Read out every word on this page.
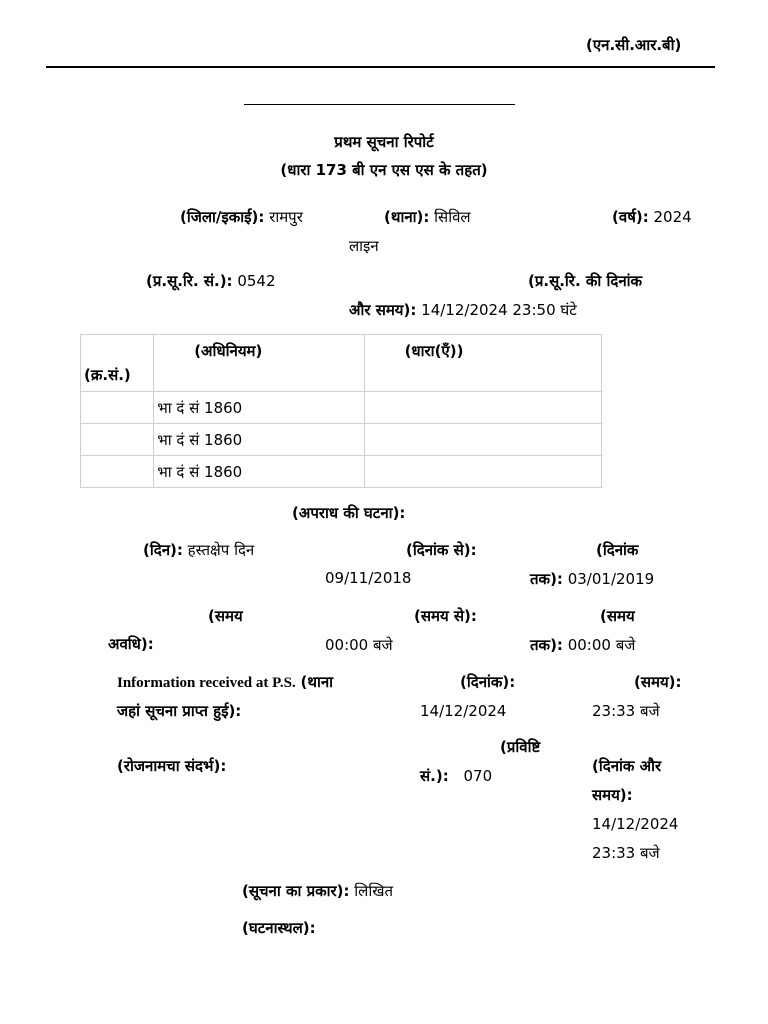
(एन.सी.आर.बी)
प्रथम सूचना रिपोर्ट
(धारा 173 बी एन एस एस के तहत)
(जिला/इकाई): रामपुर	(थाना): सिविल
लाइन
(वर्ष): 2024
(प्र.सू.रि. सं.): 0542	(प्र.सू.रि. की दिनांक
और समय): 14/12/2024 23:50 घंटे
(क्र.सं.)	(अधिनियम)	(धारा(एँ))
	भा दं सं 1860	
	भा दं सं 1860	
	भा दं सं 1860	
(अपराध की घटना):
(दिन): हस्तक्षेप दिन	(दिनांक से):
09/11/2018
(दिनांक
तक): 03/01/2019
(समय
अवधि):
(समय से):
00:00 बजे
(समय
तक): 00:00 बजे
Information received at P.S. (थाना
जहां सूचना प्राप्त हुई):
(दिनांक):
14/12/2024
(समय):
23:33 बजे
(रोजनामचा संदर्भ):
(प्रविष्टि
सं.): 070
(दिनांक और
समय):
14/12/2024
23:33 बजे
(सूचना का प्रकार): लिखित
(घटनास्थल):
